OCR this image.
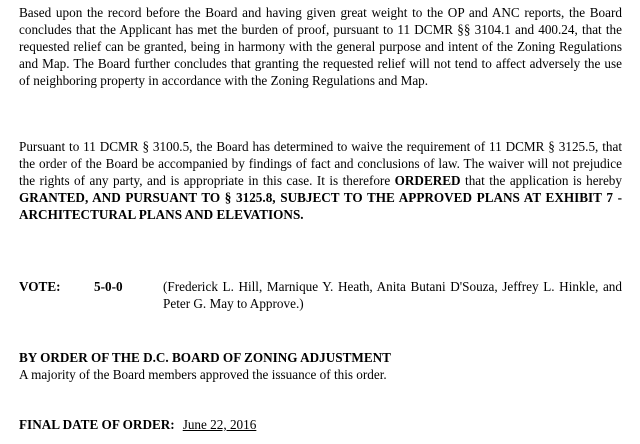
Based upon the record before the Board and having given great weight to the OP and ANC reports, the Board concludes that the Applicant has met the burden of proof, pursuant to 11 DCMR §§ 3104.1 and 400.24, that the requested relief can be granted, being in harmony with the general purpose and intent of the Zoning Regulations and Map. The Board further concludes that granting the requested relief will not tend to affect adversely the use of neighboring property in accordance with the Zoning Regulations and Map.

Pursuant to 11 DCMR § 3100.5, the Board has determined to waive the requirement of 11 DCMR § 3125.5, that the order of the Board be accompanied by findings of fact and conclusions of law. The waiver will not prejudice the rights of any party, and is appropriate in this case. It is therefore ORDERED that the application is hereby GRANTED, AND PURSUANT TO § 3125.8, SUBJECT TO THE APPROVED PLANS AT EXHIBIT 7 - ARCHITECTURAL PLANS AND ELEVATIONS.

VOTE:	5-0-0	(Frederick L. Hill, Marnique Y. Heath, Anita Butani D'Souza, Jeffrey L. Hinkle, and Peter G. May to Approve.)
BY ORDER OF THE D.C. BOARD OF ZONING ADJUSTMENT
A majority of the Board members approved the issuance of this order.
FINAL DATE OF ORDER: June 22, 2016
